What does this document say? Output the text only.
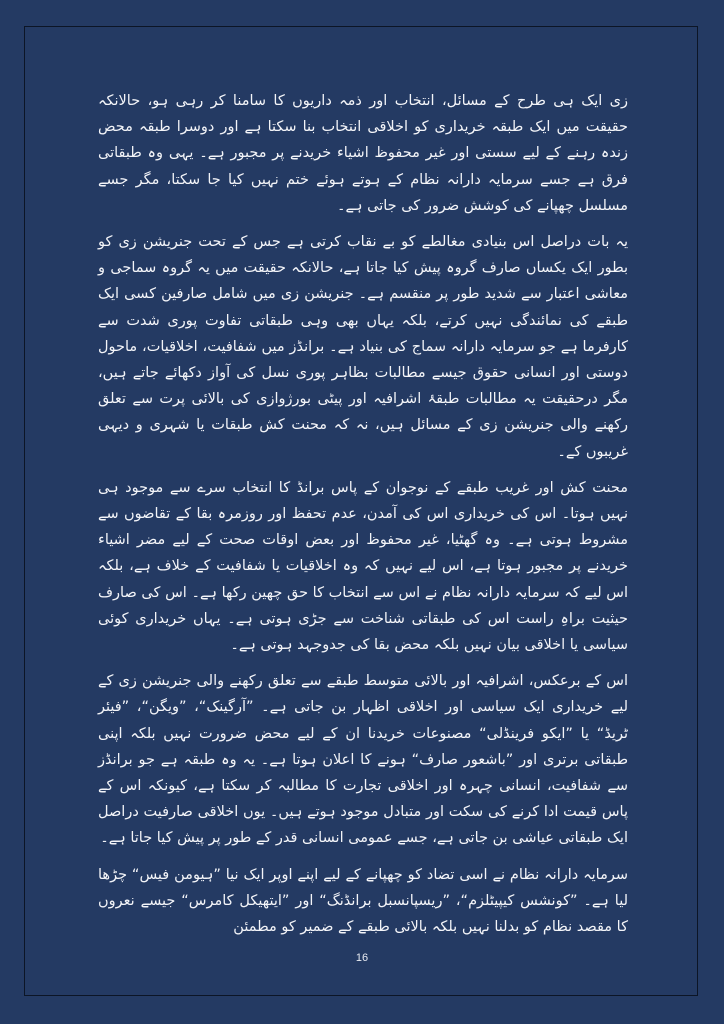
زی ایک ہی طرح کے مسائل، انتخاب اور ذمہ داریوں کا سامنا کر رہی ہو، حالانکہ حقیقت میں ایک طبقہ خریداری کو اخلاقی انتخاب بنا سکتا ہے اور دوسرا طبقہ محض زندہ رہنے کے لیے سستی اور غیر محفوظ اشیاء خریدنے پر مجبور ہے۔ یہی وہ طبقاتی فرق ہے جسے سرمایہ دارانہ نظام کے ہوتے ہوئے ختم نہیں کیا جا سکتا، مگر جسے مسلسل چھپانے کی کوشش ضرور کی جاتی ہے۔

یہ بات دراصل اس بنیادی مغالطے کو بے نقاب کرتی ہے جس کے تحت جنریشن زی کو بطور ایک یکساں صارف گروہ پیش کیا جاتا ہے، حالانکہ حقیقت میں یہ گروہ سماجی و معاشی اعتبار سے شدید طور پر منقسم ہے۔ جنریشن زی میں شامل صارفین کسی ایک طبقے کی نمائندگی نہیں کرتے، بلکہ یہاں بھی وہی طبقاتی تفاوت پوری شدت سے کارفرما ہے جو سرمایہ دارانہ سماج کی بنیاد ہے۔ برانڈز میں شفافیت، اخلاقیات، ماحول دوستی اور انسانی حقوق جیسے مطالبات بظاہر پوری نسل کی آواز دکھائے جاتے ہیں، مگر درحقیقت یہ مطالبات طبقۂ اشرافیہ اور پیٹی بورژوازی کی بالائی پرت سے تعلق رکھنے والی جنریشن زی کے مسائل ہیں، نہ کہ محنت کش طبقات یا شہری و دیہی غریبوں کے۔

محنت کش اور غریب طبقے کے نوجوان کے پاس برانڈ کا انتخاب سرے سے موجود ہی نہیں ہوتا۔ اس کی خریداری اس کی آمدن، عدم تحفظ اور روزمرہ بقا کے تقاضوں سے مشروط ہوتی ہے۔ وہ گھٹیا، غیر محفوظ اور بعض اوقات صحت کے لیے مضر اشیاء خریدنے پر مجبور ہوتا ہے، اس لیے نہیں کہ وہ اخلاقیات یا شفافیت کے خلاف ہے، بلکہ اس لیے کہ سرمایہ دارانہ نظام نے اس سے انتخاب کا حق چھین رکھا ہے۔ اس کی صارف حیثیت براہِ راست اس کی طبقاتی شناخت سے جڑی ہوتی ہے۔ یہاں خریداری کوئی سیاسی یا اخلاقی بیان نہیں بلکہ محض بقا کی جدوجہد ہوتی ہے۔

اس کے برعکس، اشرافیہ اور بالائی متوسط طبقے سے تعلق رکھنے والی جنریشن زی کے لیے خریداری ایک سیاسی اور اخلاقی اظہار بن جاتی ہے۔ ”آرگینک“، ”ویگن“، ”فیئر ٹریڈ“ یا ”ایکو فرینڈلی“ مصنوعات خریدنا ان کے لیے محض ضرورت نہیں بلکہ اپنی طبقاتی برتری اور ”باشعور صارف“ ہونے کا اعلان ہوتا ہے۔ یہ وہ طبقہ ہے جو برانڈز سے شفافیت، انسانی چہرہ اور اخلاقی تجارت کا مطالبہ کر سکتا ہے، کیونکہ اس کے پاس قیمت ادا کرنے کی سکت اور متبادل موجود ہوتے ہیں۔ یوں اخلاقی صارفیت دراصل ایک طبقاتی عیاشی بن جاتی ہے، جسے عمومی انسانی قدر کے طور پر پیش کیا جاتا ہے۔

سرمایہ دارانہ نظام نے اسی تضاد کو چھپانے کے لیے اپنے اوپر ایک نیا ”ہیومن فیس“ چڑھا لیا ہے۔ ”کونشس کیپیٹلزم“، ”ریسپانسبل برانڈنگ“ اور ”ایتھیکل کامرس“ جیسے نعروں کا مقصد نظام کو بدلنا نہیں بلکہ بالائی طبقے کے ضمیر کو مطمئن

16
